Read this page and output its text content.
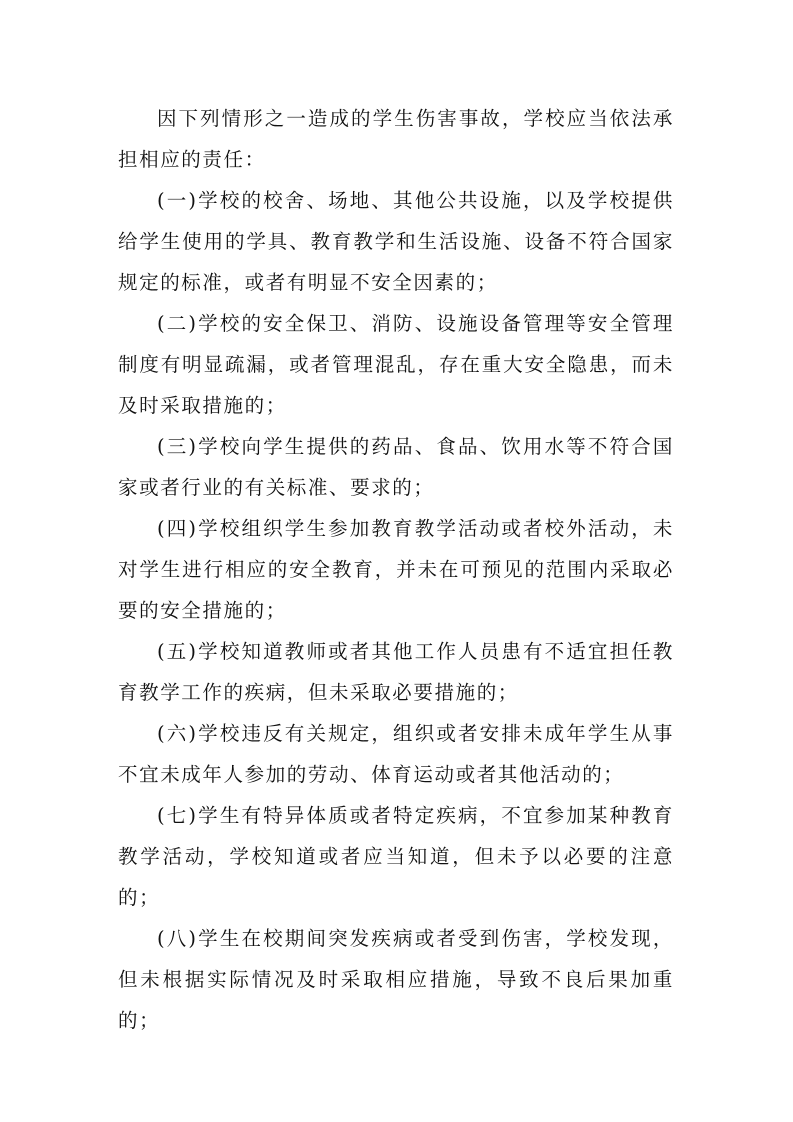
因下列情形之一造成的学生伤害事故，学校应当依法承担相应的责任：

(一)学校的校舍、场地、其他公共设施，以及学校提供给学生使用的学具、教育教学和生活设施、设备不符合国家规定的标准，或者有明显不安全因素的；

(二)学校的安全保卫、消防、设施设备管理等安全管理制度有明显疏漏，或者管理混乱，存在重大安全隐患，而未及时采取措施的；

(三)学校向学生提供的药品、食品、饮用水等不符合国家或者行业的有关标准、要求的；

(四)学校组织学生参加教育教学活动或者校外活动，未对学生进行相应的安全教育，并未在可预见的范围内采取必要的安全措施的；

(五)学校知道教师或者其他工作人员患有不适宜担任教育教学工作的疾病，但未采取必要措施的；

(六)学校违反有关规定，组织或者安排未成年学生从事不宜未成年人参加的劳动、体育运动或者其他活动的；

(七)学生有特异体质或者特定疾病，不宜参加某种教育教学活动，学校知道或者应当知道，但未予以必要的注意的；

(八)学生在校期间突发疾病或者受到伤害，学校发现，但未根据实际情况及时采取相应措施，导致不良后果加重的；
